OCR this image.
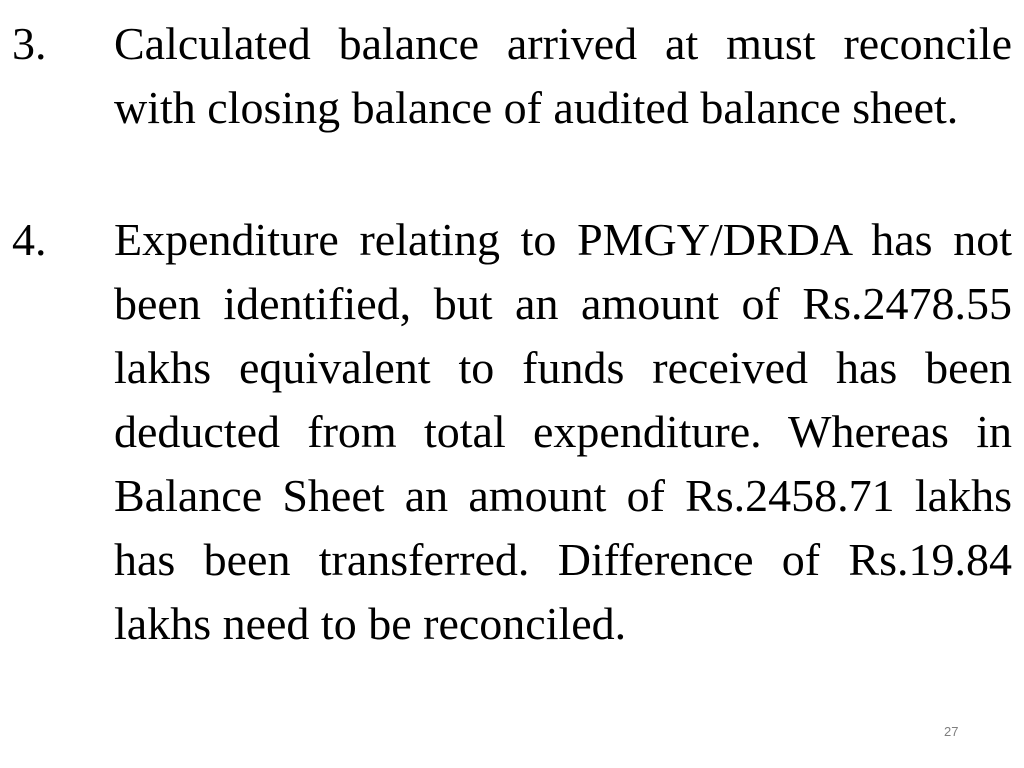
3. Calculated balance arrived at must reconcile with closing balance of audited balance sheet.
4. Expenditure relating to PMGY/DRDA has not been identified, but an amount of Rs.2478.55 lakhs equivalent to funds received has been deducted from total expenditure. Whereas in Balance Sheet an amount of Rs.2458.71 lakhs has been transferred. Difference of Rs.19.84 lakhs need to be reconciled.
27
